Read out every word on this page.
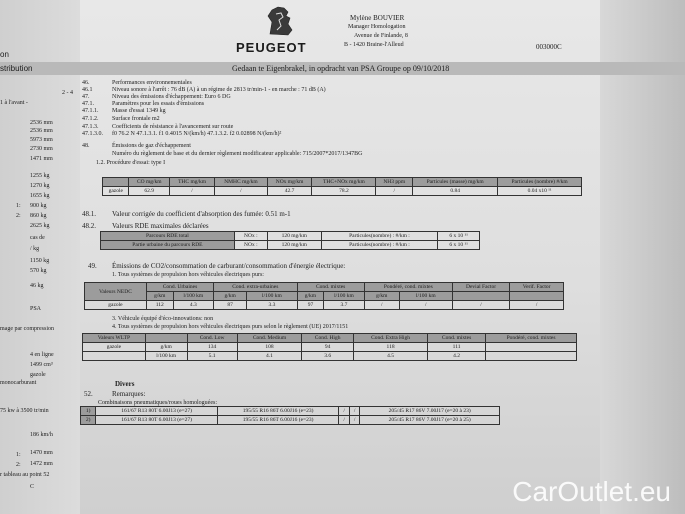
PEUGEOT
Mylène BOUVIER
Manager Homologation
Avenue de Finlande, 8
B - 1420 Braine-l'Alleud	003000C
on
stribution	Gedaan te Eigenbrakel, in opdracht van PSA Groupe op 09/10/2018
2 - 4
1 à l'avant -
2536 mm
2536 mm
5973 mm
2730 mm
1471 mm
1255 kg
1270 kg
1655 kg
900 kg
860 kg
2625 kg
cas de
/ kg
1150 kg
570 kg
46 kg
PSA
mage par compression
4 en ligne
1499 cm³
gazole
monocarburant
75 kw à 3500 tr/min
186 km/h
1470 mm
1472 mm
r tableau au point 52
C
1:
2:
1:
2:
46.	Performances environnementales
46.1	Niveau sonore à l'arrêt : 76 dB (A) à un régime de 2813 tr/min-1 - en marche : 71 dB (A)
47.	Niveau des émissions d'échappement: Euro 6 DG
47.1.	Paramètres pour les essais d'émissions
47.1.1. Masse d'essai 1349 kg
47.1.2. Surface frontale m2
47.1.3. Coefficients de résistance à l'avancement sur route
47.1.3.0. f0 76.2 N 47.1.3.1. f1 0.4015 N/(km/h) 47.1.3.2. f2 0.02898 N/(km/h)²
48.	Émissions de gaz d'échappement
Numéro du règlement de base et du dernier règlement modificateur applicable: 715/2007*2017/1347BG
1.2. Procédure d'essai: type I
	CO mg/km	THC mg/km	NMHC mg/km	NOx mg/km	THC+NOx mg/km	NH3 ppm	Particules (masse) mg/km	Particules (nombre) #/km
gazole	62.9	/	/	42.7	78.2	/	0.84	0.04 x10 ¹¹
48.1. Valeur corrigée du coefficient d'absorption des fumée: 0.51 m-1
48.2. Valeurs RDE maximales déclarées
Parcours RDE total	NOx :	120 mg/km	Particules(nombre) : #/km :	6 x 10 ¹¹
Partie urbaine du parcours RDE	NOx :	120 mg/km	Particules(nombre) : #/km :	6 x 10 ¹¹
49. Émissions de CO2/consommation de carburant/consommation d'énergie électrique:
1. Tous systèmes de propulsion hors véhicules électriques purs:
Valeurs NEDC	Cond. Urbaines		Cond. extra-urbaines		Cond. mixtes		Pondéré, cond. mixtes		Devial Factor	Verif. Factor
	g/km	l/100 km	g/km	l/100 km	g/km	l/100 km	g/km	l/100 km		
gazole	112	4.3	87	3.3	97	3.7	/	/	/	/
3. Véhicule équipé d'éco-innovations: non
4. Tous systèmes de propulsion hors véhicules électriques purs selon le règlement (UE) 2017/1151
Valeurs WLTP		Cond. Low	Cond. Medium	Cond. High	Cond. Extra High	Cond. mixtes	Pondéré, cond. mixtes
gazole	g/km	134	108	94	118	111	
	l/100 km	5.1	4.1	3.6	4.5	4.2	
Divers
52.	Remarques:
Combinaisons pneumatiques/roues homologuées:
1)	161/67 R13 80T 6.00J13 (e=27)	195/55 R16 86T 6.00J16 (e=23)	/	/	205/45 R17 86V 7.00J17 (e=20 à 23)
2)	161/67 R13 80T 6.00J13 (e=27)	195/55 R16 86T 6.00J16 (e=23)	/	/	205/45 R17 86V 7.00J17 (e=20 à 25)
CarOutlet.eu
